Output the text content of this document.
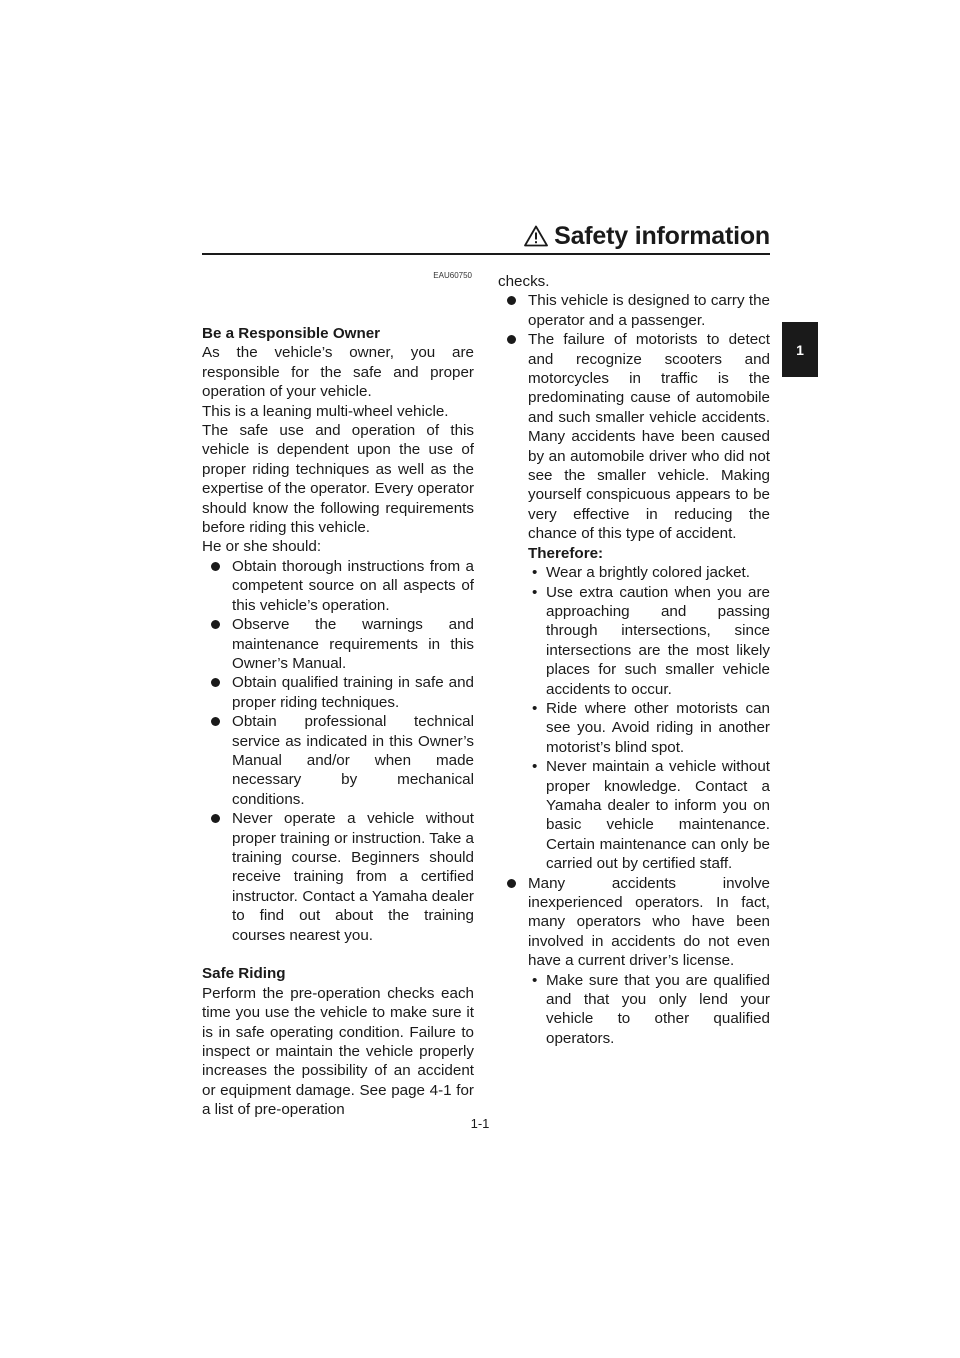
Safety information
1
EAU60750

Be a Responsible Owner

As the vehicle’s owner, you are responsible for the safe and proper operation of your vehicle.

This is a leaning multi-wheel vehicle.

The safe use and operation of this vehicle is dependent upon the use of proper riding techniques as well as the expertise of the operator. Every operator should know the following requirements before riding this vehicle.

He or she should:

Obtain thorough instructions from a competent source on all aspects of this vehicle’s operation.
Observe the warnings and maintenance requirements in this Owner’s Manual.
Obtain qualified training in safe and proper riding techniques.
Obtain professional technical service as indicated in this Owner’s Manual and/or when made necessary by mechanical conditions.
Never operate a vehicle without proper training or instruction. Take a training course. Beginners should receive training from a certified instructor. Contact a Yamaha dealer to find out about the training courses nearest you.

Safe Riding

Perform the pre-operation checks each time you use the vehicle to make sure it is in safe operating condition. Failure to inspect or maintain the vehicle properly increases the possibility of an accident or equipment damage. See page 4-1 for a list of pre-operation

checks.

This vehicle is designed to carry the operator and a passenger.
The failure of motorists to detect and recognize scooters and motorcycles in traffic is the predominating cause of automobile and such smaller vehicle accidents. Many accidents have been caused by an automobile driver who did not see the smaller vehicle. Making yourself conspicuous appears to be very effective in reducing the chance of this type of accident.

Therefore:

• Wear a brightly colored jacket.
• Use extra caution when you are approaching and passing through intersections, since intersections are the most likely places for such smaller vehicle accidents to occur.
• Ride where other motorists can see you. Avoid riding in another motorist’s blind spot.
• Never maintain a vehicle without proper knowledge. Contact a Yamaha dealer to inform you on basic vehicle maintenance. Certain maintenance can only be carried out by certified staff.
Many accidents involve inexperienced operators. In fact, many operators who have been involved in accidents do not even have a current driver’s license.
• Make sure that you are qualified and that you only lend your vehicle to other qualified operators.
1-1
